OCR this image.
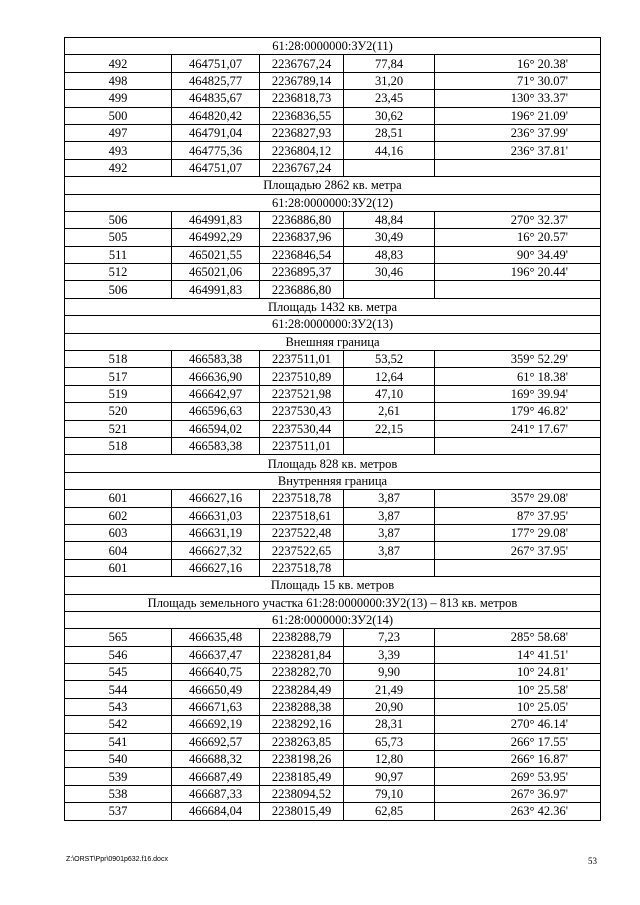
61:28:0000000:ЗУ2(11)				
492	464751,07	2236767,24	77,84	16° 20.38'
498	464825,77	2236789,14	31,20	71° 30.07'
499	464835,67	2236818,73	23,45	130° 33.37'
500	464820,42	2236836,55	30,62	196° 21.09'
497	464791,04	2236827,93	28,51	236° 37.99'
493	464775,36	2236804,12	44,16	236° 37.81'
492	464751,07	2236767,24		
Площадью 2862 кв. метра				
61:28:0000000:ЗУ2(12)				
506	464991,83	2236886,80	48,84	270° 32.37'
505	464992,29	2236837,96	30,49	16° 20.57'
511	465021,55	2236846,54	48,83	90° 34.49'
512	465021,06	2236895,37	30,46	196° 20.44'
506	464991,83	2236886,80		
Площадь 1432 кв. метра				
61:28:0000000:ЗУ2(13)				
Внешняя граница				
518	466583,38	2237511,01	53,52	359° 52.29'
517	466636,90	2237510,89	12,64	61° 18.38'
519	466642,97	2237521,98	47,10	169° 39.94'
520	466596,63	2237530,43	2,61	179° 46.82'
521	466594,02	2237530,44	22,15	241° 17.67'
518	466583,38	2237511,01		
Площадь 828 кв. метров				
Внутренняя граница				
601	466627,16	2237518,78	3,87	357° 29.08'
602	466631,03	2237518,61	3,87	87° 37.95'
603	466631,19	2237522,48	3,87	177° 29.08'
604	466627,32	2237522,65	3,87	267° 37.95'
601	466627,16	2237518,78		
Площадь 15 кв. метров				
Площадь земельного участка 61:28:0000000:ЗУ2(13) – 813 кв. метров				
61:28:0000000:ЗУ2(14)				
565	466635,48	2238288,79	7,23	285° 58.68'
546	466637,47	2238281,84	3,39	14° 41.51'
545	466640,75	2238282,70	9,90	10° 24.81'
544	466650,49	2238284,49	21,49	10° 25.58'
543	466671,63	2238288,38	20,90	10° 25.05'
542	466692,19	2238292,16	28,31	270° 46.14'
541	466692,57	2238263,85	65,73	266° 17.55'
540	466688,32	2238198,26	12,80	266° 16.87'
539	466687,49	2238185,49	90,97	269° 53.95'
538	466687,33	2238094,52	79,10	267° 36.97'
537	466684,04	2238015,49	62,85	263° 42.36'
Z:\ORST\Ppr\0901p632.f16.docx	53
